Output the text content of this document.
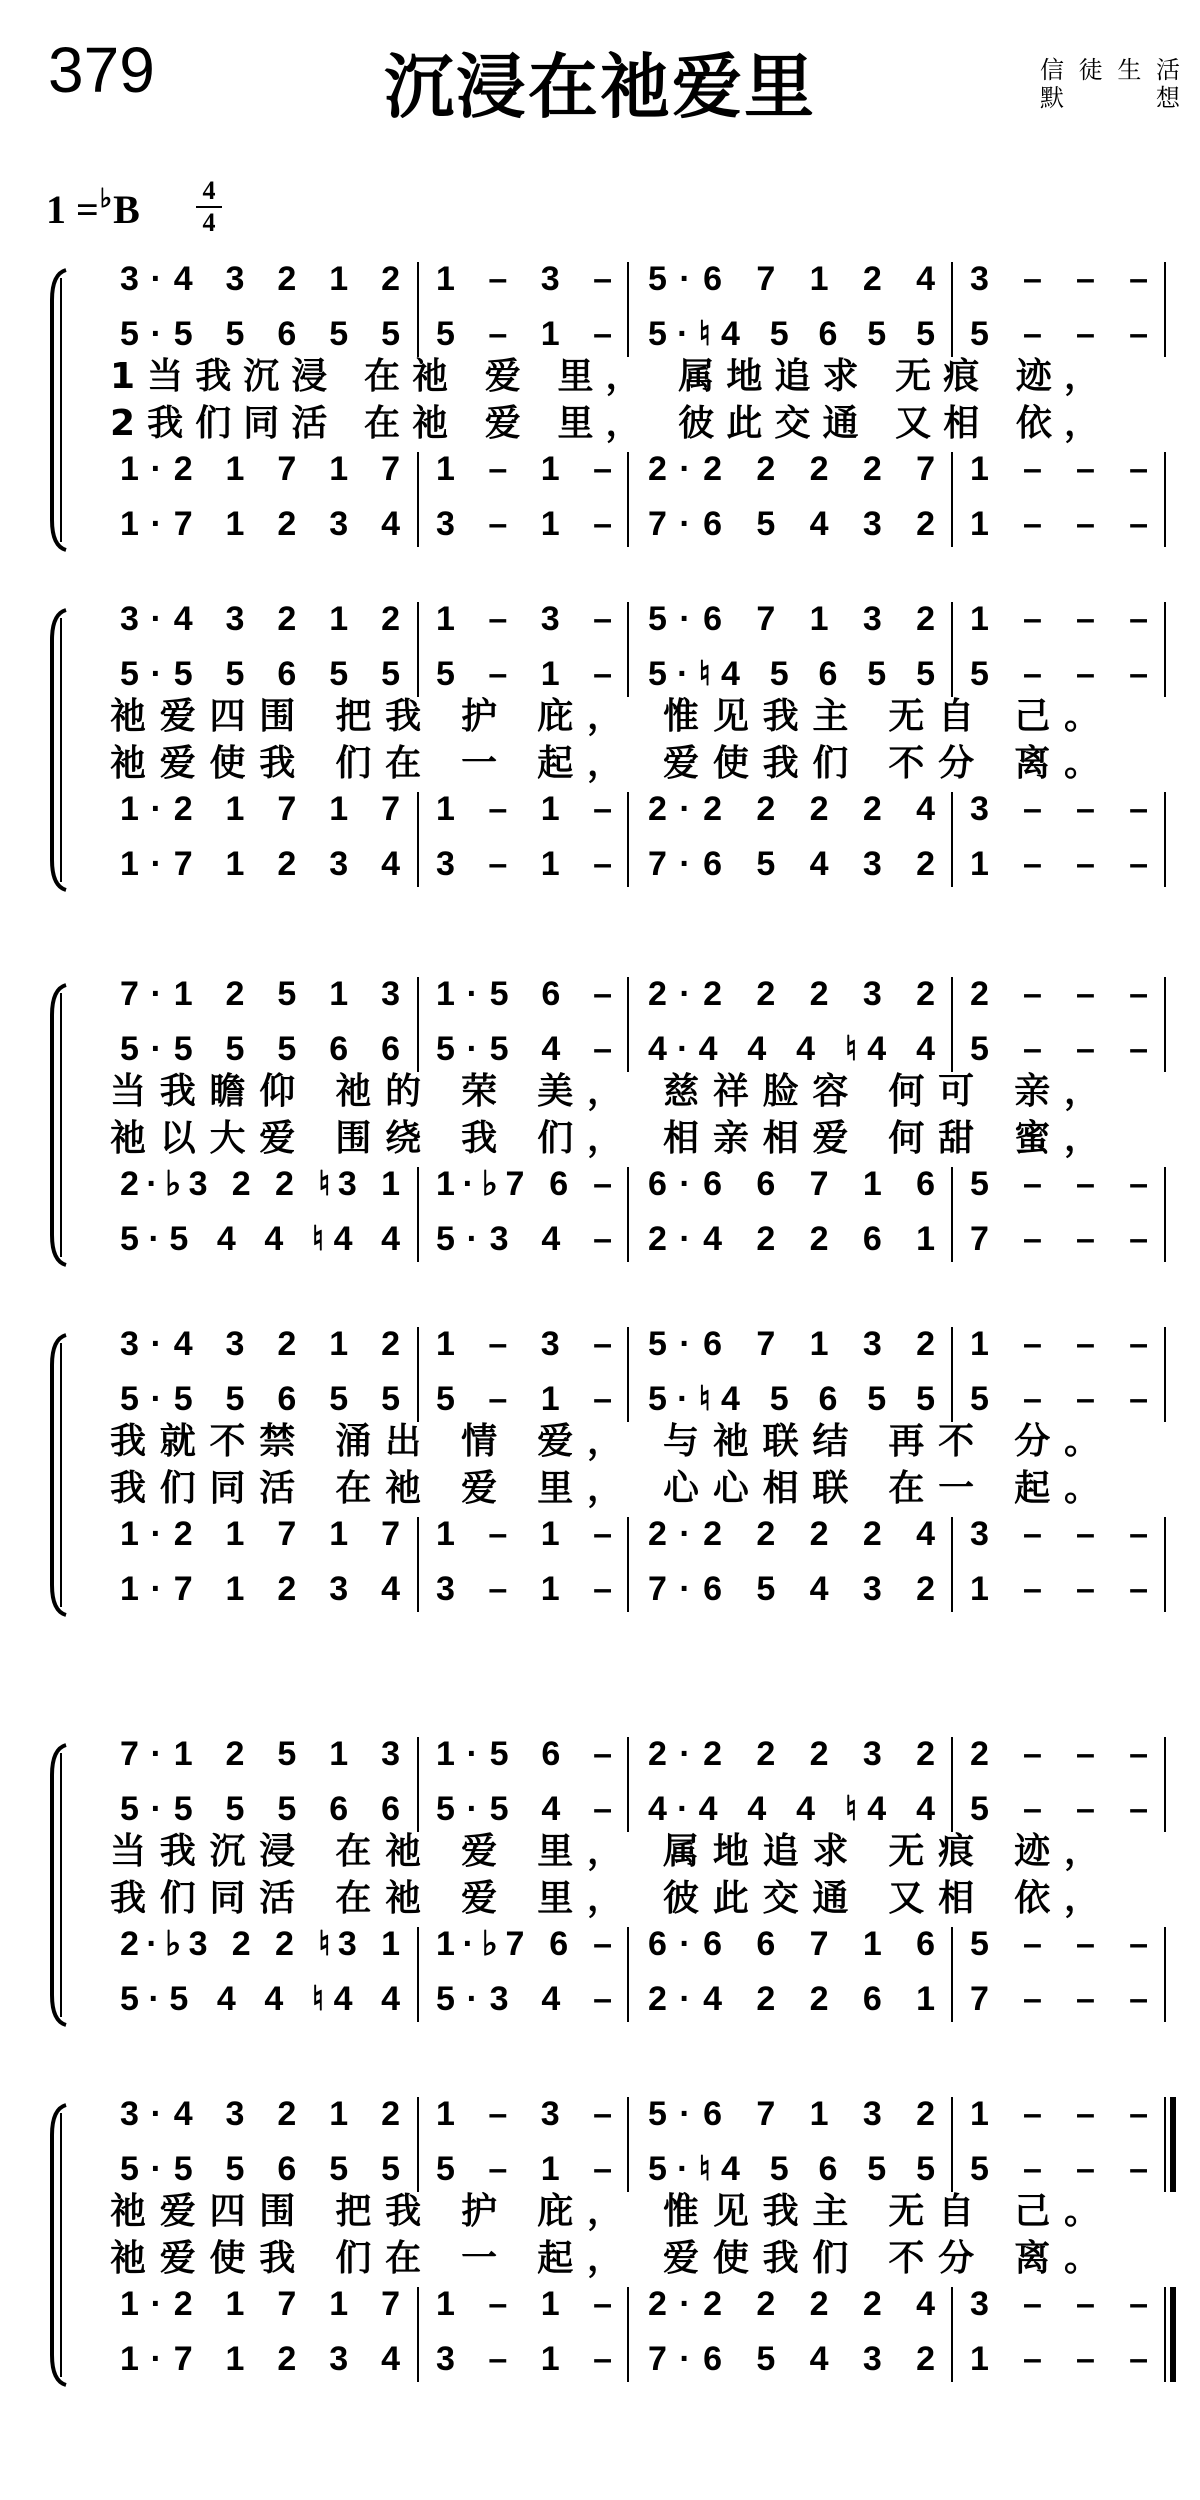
379	沉浸在祂爱里	信徒生活
默 想
1 =♭B 4
4
3·4 3 2 1 2 1 – 3 – 5·6 7 1 2 4 3 – – –
5·5 5 6 5 5 5 – 1 – 5·♮4 5 6 5 5 5 – – –
1·2 1 7 1 7 1 – 1 – 2·2 2 2 2 7 1 – – –
1·7 1 2 3 4 3 – 1 – 7·6 5 4 3 2 1 – – –
1当我沉浸 在祂 爱 里， 属地追求 无痕 迹，
2我们同活 在祂 爱 里， 彼此交通 又相 依，
3·4 3 2 1 2 1 – 3 – 5·6 7 1 3 2 1 – – –
5·5 5 6 5 5 5 – 1 – 5·♮4 5 6 5 5 5 – – –
1·2 1 7 1 7 1 – 1 – 2·2 2 2 2 4 3 – – –
1·7 1 2 3 4 3 – 1 – 7·6 5 4 3 2 1 – – –
祂爱四围 把我 护 庇， 惟见我主 无自 己。
祂爱使我 们在 一 起， 爱使我们 不分 离。
7·1 2 5 1 3 1·5 6 – 2·2 2 2 3 2 2 – – –
5·5 5 5 6 6 5·5 4 – 4·4 4 4 ♮4 4 5 – – –
2·♭3 2 2 ♮3 1 1·♭7 6 – 6·6 6 7 1 6 5 – – –
5·5 4 4 ♮4 4 5·3 4 – 2·4 2 2 6 1 7 – – –
当我瞻仰 祂的 荣 美， 慈祥脸容 何可 亲，
祂以大爱 围绕 我 们， 相亲相爱 何甜 蜜，
3·4 3 2 1 2 1 – 3 – 5·6 7 1 3 2 1 – – –
5·5 5 6 5 5 5 – 1 – 5·♮4 5 6 5 5 5 – – –
1·2 1 7 1 7 1 – 1 – 2·2 2 2 2 4 3 – – –
1·7 1 2 3 4 3 – 1 – 7·6 5 4 3 2 1 – – –
我就不禁 涌出 情 爱， 与祂联结 再不 分。
我们同活 在祂 爱 里， 心心相联 在一 起。
7·1 2 5 1 3 1·5 6 – 2·2 2 2 3 2 2 – – –
5·5 5 5 6 6 5·5 4 – 4·4 4 4 ♮4 4 5 – – –
2·♭3 2 2 ♮3 1 1·♭7 6 – 6·6 6 7 1 6 5 – – –
5·5 4 4 ♮4 4 5·3 4 – 2·4 2 2 6 1 7 – – –
当我沉浸 在祂 爱 里， 属地追求 无痕 迹，
我们同活 在祂 爱 里， 彼此交通 又相 依，
3·4 3 2 1 2 1 – 3 – 5·6 7 1 3 2 1 – – –
5·5 5 6 5 5 5 – 1 – 5·♮4 5 6 5 5 5 – – –
1·2 1 7 1 7 1 – 1 – 2·2 2 2 2 4 3 – – –
1·7 1 2 3 4 3 – 1 – 7·6 5 4 3 2 1 – – –
祂爱四围 把我 护 庇， 惟见我主 无自 己。
祂爱使我 们在 一 起， 爱使我们 不分 离。
